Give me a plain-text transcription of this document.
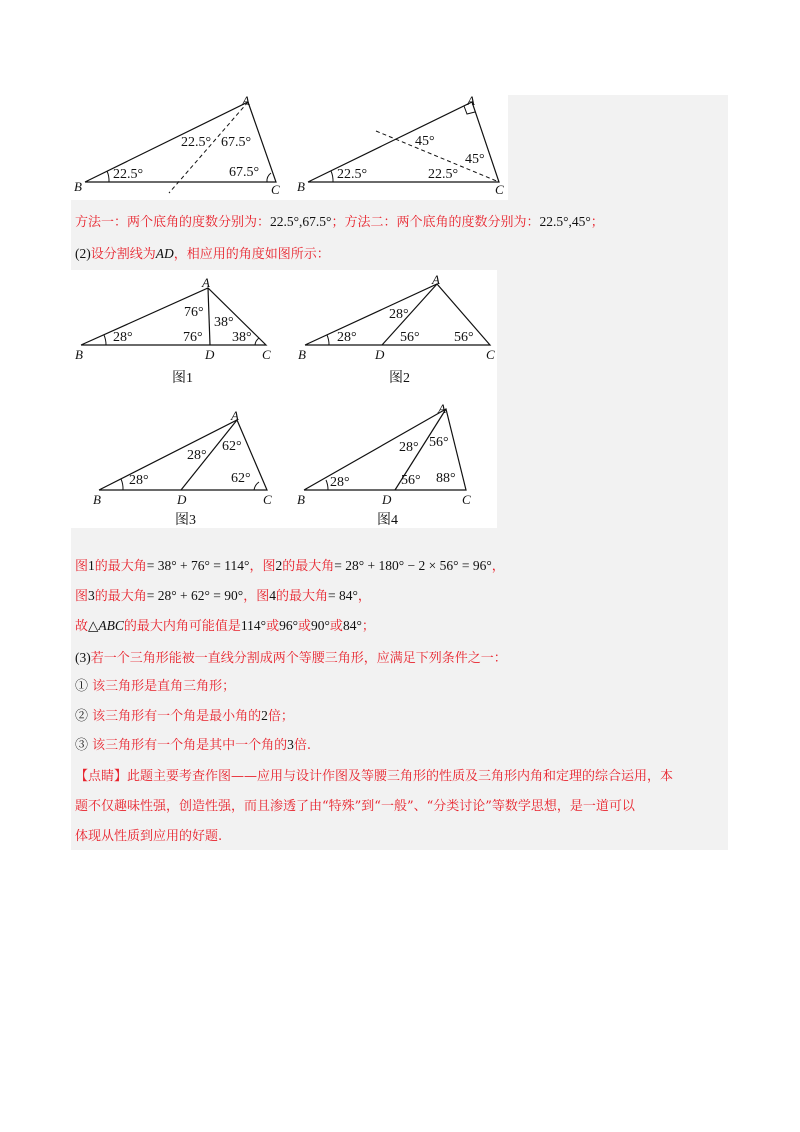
B
A
C
22.5° 67.5°
22.5°	67.5°
B
A
C
45°
45°
22.5°	22.5°
方法一：两个底角的度数分别为：22.5°,67.5°；方法二：两个底角的度数分别为：22.5°,45°；
(2)设分割线为AD，相应用的角度如图所示：
B
A
D	C
76°
38°
28°	76° 38°
图1
B
A
D	C
28°
28°	56° 56°
图2
B
A
D	C
28°
62°
28°	62°
图3
B
A
D	C
28° 56°
28°	56° 88°
图4
图1的最大角= 38° + 76° = 114°，图2的最大角= 28° + 180° − 2 × 56° = 96°，
图3的最大角= 28° + 62° = 90°，图4的最大角= 84°，
故△ABC的最大内角可能值是114°或96°或90°或84°；
(3)若一个三角形能被一直线分割成两个等腰三角形，应满足下列条件之一：
① 该三角形是直角三角形；
② 该三角形有一个角是最小角的2倍；
③ 该三角形有一个角是其中一个角的3倍.
【点睛】此题主要考查作图——应用与设计作图及等腰三角形的性质及三角形内角和定理的综合运用，本
题不仅趣味性强，创造性强，而且渗透了由“特殊”到“一般”、“分类讨论”等数学思想，是一道可以
体现从性质到应用的好题.
